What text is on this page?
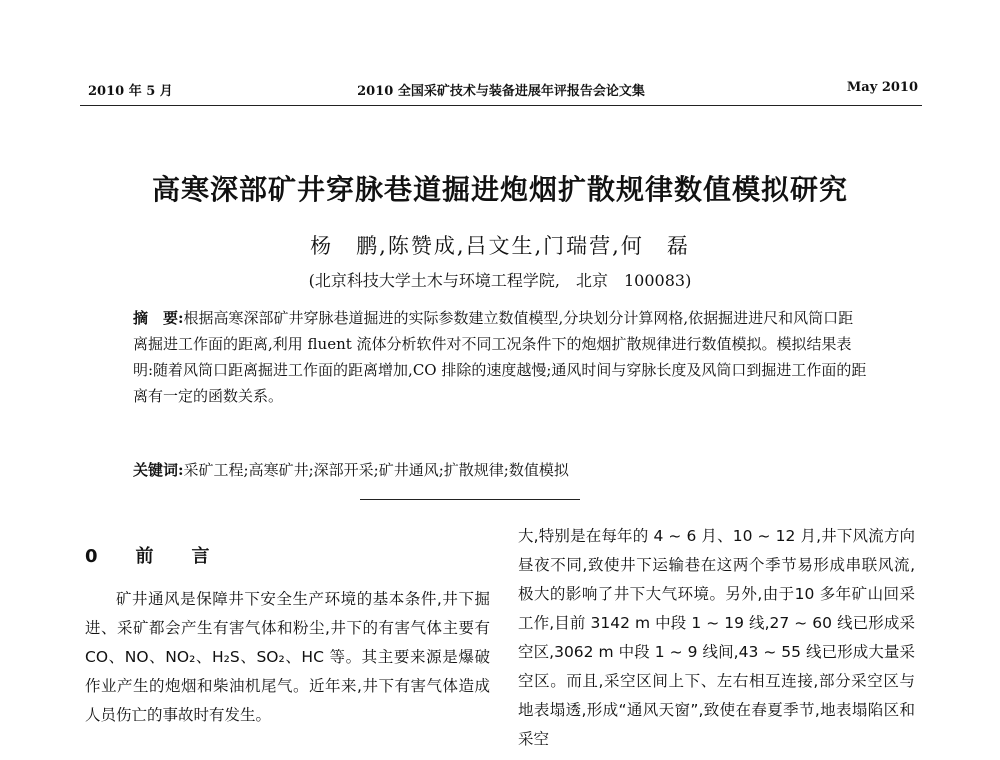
2010 年 5 月	2010 全国采矿技术与装备进展年评报告会论文集	May 2010
高寒深部矿井穿脉巷道掘进炮烟扩散规律数值模拟研究
杨　鹏,陈赞成,吕文生,门瑞营,何　磊
(北京科技大学土木与环境工程学院,　北京　100083)
摘　要:根据高寒深部矿井穿脉巷道掘进的实际参数建立数值模型,分块划分计算网格,依据掘进进尺和风筒口距离掘进工作面的距离,利用 fluent 流体分析软件对不同工况条件下的炮烟扩散规律进行数值模拟。模拟结果表明:随着风筒口距离掘进工作面的距离增加,CO 排除的速度越慢;通风时间与穿脉长度及风筒口到掘进工作面的距离有一定的函数关系。
关键词:采矿工程;高寒矿井;深部开采;矿井通风;扩散规律;数值模拟
0　前　言

矿井通风是保障井下安全生产环境的基本条件,井下掘进、采矿都会产生有害气体和粉尘,井下的有害气体主要有 CO、NO、NO₂、H₂S、SO₂、HC 等。其主要来源是爆破作业产生的炮烟和柴油机尾气。近年来,井下有害气体造成人员伤亡的事故时有发生。

大,特别是在每年的 4 ~ 6 月、10 ~ 12 月,井下风流方向昼夜不同,致使井下运输巷在这两个季节易形成串联风流,极大的影响了井下大气环境。另外,由于10 多年矿山回采工作,目前 3142 m 中段 1 ~ 19 线,27 ~ 60 线已形成采空区,3062 m 中段 1 ~ 9 线间,43 ~ 55 线已形成大量采空区。而且,采空区间上下、左右相互连接,部分采空区与地表塌透,形成“通风天窗”,致使在春夏季节,地表塌陷区和采空
